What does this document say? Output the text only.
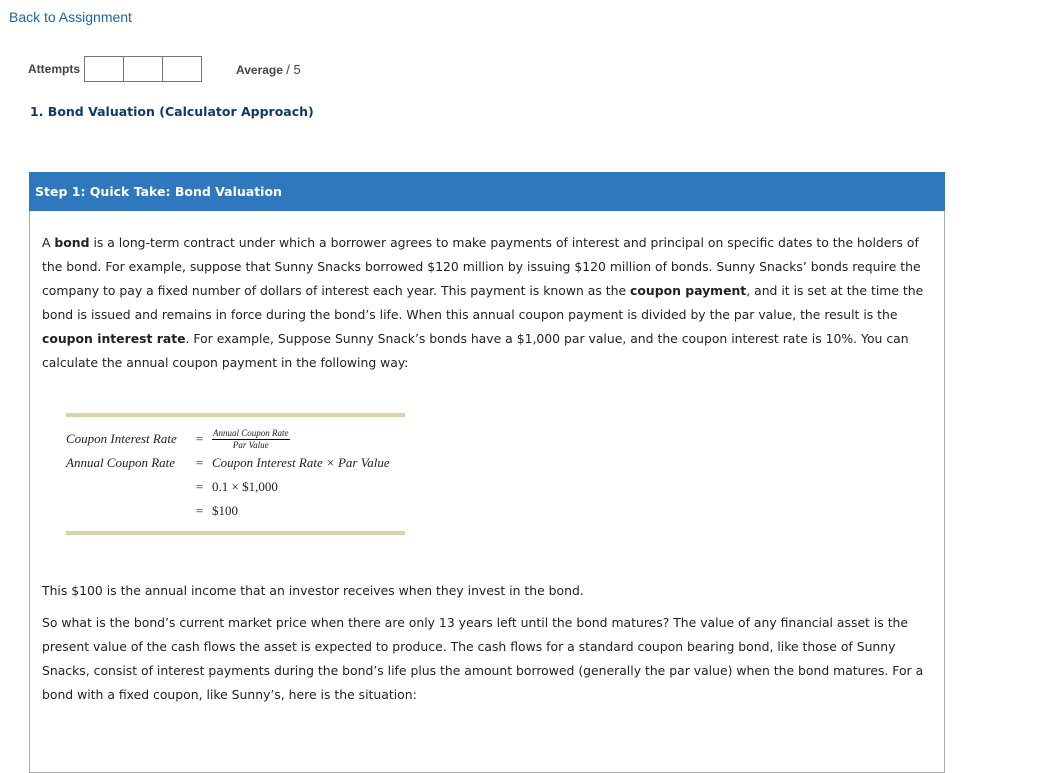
Back to Assignment
Attempts	Average / 5
1. Bond Valuation (Calculator Approach)
Step 1: Quick Take: Bond Valuation

A bond is a long-term contract under which a borrower agrees to make payments of interest and principal on specific dates to the holders of the bond. For example, suppose that Sunny Snacks borrowed $120 million by issuing $120 million of bonds. Sunny Snacks’ bonds require the company to pay a fixed number of dollars of interest each year. This payment is known as the coupon payment, and it is set at the time the bond is issued and remains in force during the bond’s life. When this annual coupon payment is divided by the par value, the result is the coupon interest rate. For example, Suppose Sunny Snack’s bonds have a $1,000 par value, and the coupon interest rate is 10%. You can calculate the annual coupon payment in the following way:

Coupon Interest Rate	= $\frac{\text{Annual Coupon Rate}}{\text{Par Value}}$
Annual Coupon Rate	= Coupon Interest Rate × Par Value
= 0.1 × $1,000
= $100

This $100 is the annual income that an investor receives when they invest in the bond.

So what is the bond’s current market price when there are only 13 years left until the bond matures? The value of any financial asset is the present value of the cash flows the asset is expected to produce. The cash flows for a standard coupon bearing bond, like those of Sunny Snacks, consist of interest payments during the bond’s life plus the amount borrowed (generally the par value) when the bond matures. For a bond with a fixed coupon, like Sunny’s, here is the situation:
